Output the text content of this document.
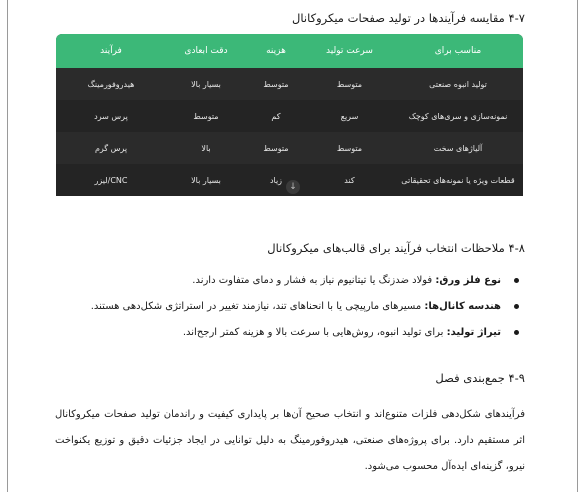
۴-۷ مقایسه فرآیندها در تولید صفحات میکروکانال
مناسب برای	سرعت تولید	هزینه	دقت ابعادی	فرآیند
تولید انبوه صنعتی	متوسط	متوسط	بسیار بالا	هیدروفورمینگ
نمونه‌سازی و سری‌های کوچک	سریع	کم	متوسط	پرس سرد
آلیاژهای سخت	متوسط	متوسط	بالا	پرس گرم
قطعات ویژه یا نمونه‌های تحقیقاتی	کند	زیاد	بسیار بالا	CNC/لیزر
↓
۴-۸ ملاحظات انتخاب فرآیند برای قالب‌های میکروکانال
نوع فلز ورق: فولاد ضدزنگ یا تیتانیوم نیاز به فشار و دمای متفاوت دارند.
هندسه کانال‌ها: مسیرهای مارپیچی یا با انحناهای تند، نیازمند تغییر در استراتژی شکل‌دهی هستند.
تیراژ تولید: برای تولید انبوه، روش‌هایی با سرعت بالا و هزینه کمتر ارجح‌اند.
۴-۹ جمع‌بندی فصل
فرآیندهای شکل‌دهی فلزات متنوع‌اند و انتخاب صحیح آن‌ها بر پایداری کیفیت و راندمان تولید صفحات میکروکانال اثر مستقیم دارد. برای پروژه‌های صنعتی، هیدروفورمینگ به دلیل توانایی در ایجاد جزئیات دقیق و توزیع یکنواخت نیرو، گزینه‌ای ایده‌آل محسوب می‌شود.
